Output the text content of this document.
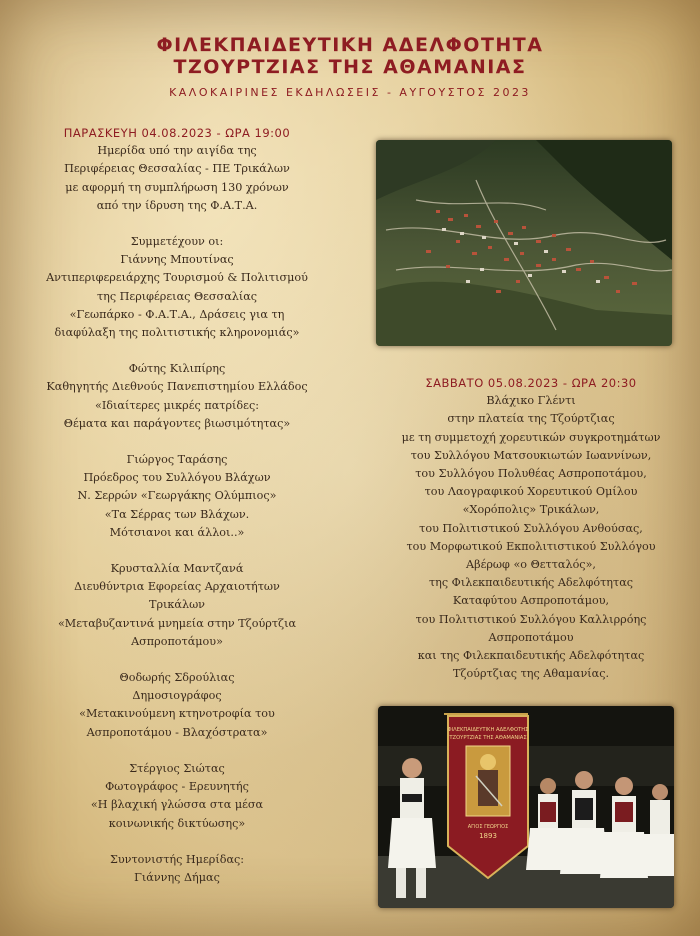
ΦΙΛΕΚΠΑΙΔΕΥΤΙΚΗ ΑΔΕΛΦΟΤΗΤΑ
ΤΖΟΥΡΤΖΙΑΣ ΤΗΣ ΑΘΑΜΑΝΙΑΣ
ΚΑΛΟΚΑΙΡΙΝΕΣ ΕΚΔΗΛΩΣΕΙΣ - ΑΥΓΟΥΣΤΟΣ 2023
ΠΑΡΑΣΚΕΥΗ 04.08.2023 - ΩΡΑ 19:00
Ημερίδα υπό την αιγίδα της
Περιφέρειας Θεσσαλίας - ΠΕ Τρικάλων
με αφορμή τη συμπλήρωση 130 χρόνων
από την ίδρυση της Φ.Α.Τ.Α.
Συμμετέχουν οι:
Γιάννης Μπουτίνας
Αντιπεριφερειάρχης Τουρισμού & Πολιτισμού
της Περιφέρειας Θεσσαλίας
«Γεωπάρκο - Φ.Α.Τ.Α., Δράσεις για τη
διαφύλαξη της πολιτιστικής κληρονομιάς»
Φώτης Κιλιπίρης
Καθηγητής Διεθνούς Πανεπιστημίου Ελλάδος
«Ιδιαίτερες μικρές πατρίδες:
Θέματα και παράγοντες βιωσιμότητας»
Γιώργος Ταράσης
Πρόεδρος του Συλλόγου Βλάχων
Ν. Σερρών «Γεωργάκης Ολύμπιος»
«Τα Σέρρας των Βλάχων.
Μότσιανοι και άλλοι..»
Κρυσταλλία Μαντζανά
Διευθύντρια Εφορείας Αρχαιοτήτων
Τρικάλων
«Μεταβυζαντινά μνημεία στην Τζούρτζια
Ασπροποτάμου»
Θοδωρής Σδρούλιας
Δημοσιογράφος
«Μετακινούμενη κτηνοτροφία του
Ασπροποτάμου - Βλαχόστρατα»
Στέργιος Σιώτας
Φωτογράφος - Ερευνητής
«Η βλαχική γλώσσα στα μέσα
κοινωνικής δικτύωσης»
Συντονιστής Ημερίδας:
Γιάννης Δήμας
ΣΑΒΒΑΤΟ 05.08.2023 - ΩΡΑ 20:30
Βλάχικο Γλέντι
στην πλατεία της Τζούρτζιας
με τη συμμετοχή χορευτικών συγκροτημάτων
του Συλλόγου Ματσουκιωτών Ιωαννίνων,
του Συλλόγου Πολυθέας Ασπροποτάμου,
του Λαογραφικού Χορευτικού Ομίλου
«Χορόπολις» Τρικάλων,
του Πολιτιστικού Συλλόγου Ανθούσας,
του Μορφωτικού Εκπολιτιστικού Συλλόγου
Αβέρωφ «ο Θετταλός»,
της Φιλεκπαιδευτικής Αδελφότητας
Καταφύτου Ασπροποτάμου,
του Πολιτιστικού Συλλόγου Καλλιρρόης
Ασπροποτάμου
και της Φιλεκπαιδευτικής Αδελφότητας
Τζούρτζιας της Αθαμανίας.
ΦΙΛΕΚΠΑΙΔΕΥΤΙΚΗ ΑΔΕΛΦΟΤΗΣ
ΤΖΟΥΡΤΖΙΑΣ ΤΗΣ ΑΘΑΜΑΝΙΑΣ
ΑΓΙΟΣ ΓΕΩΡΓΙΟΣ
1893
